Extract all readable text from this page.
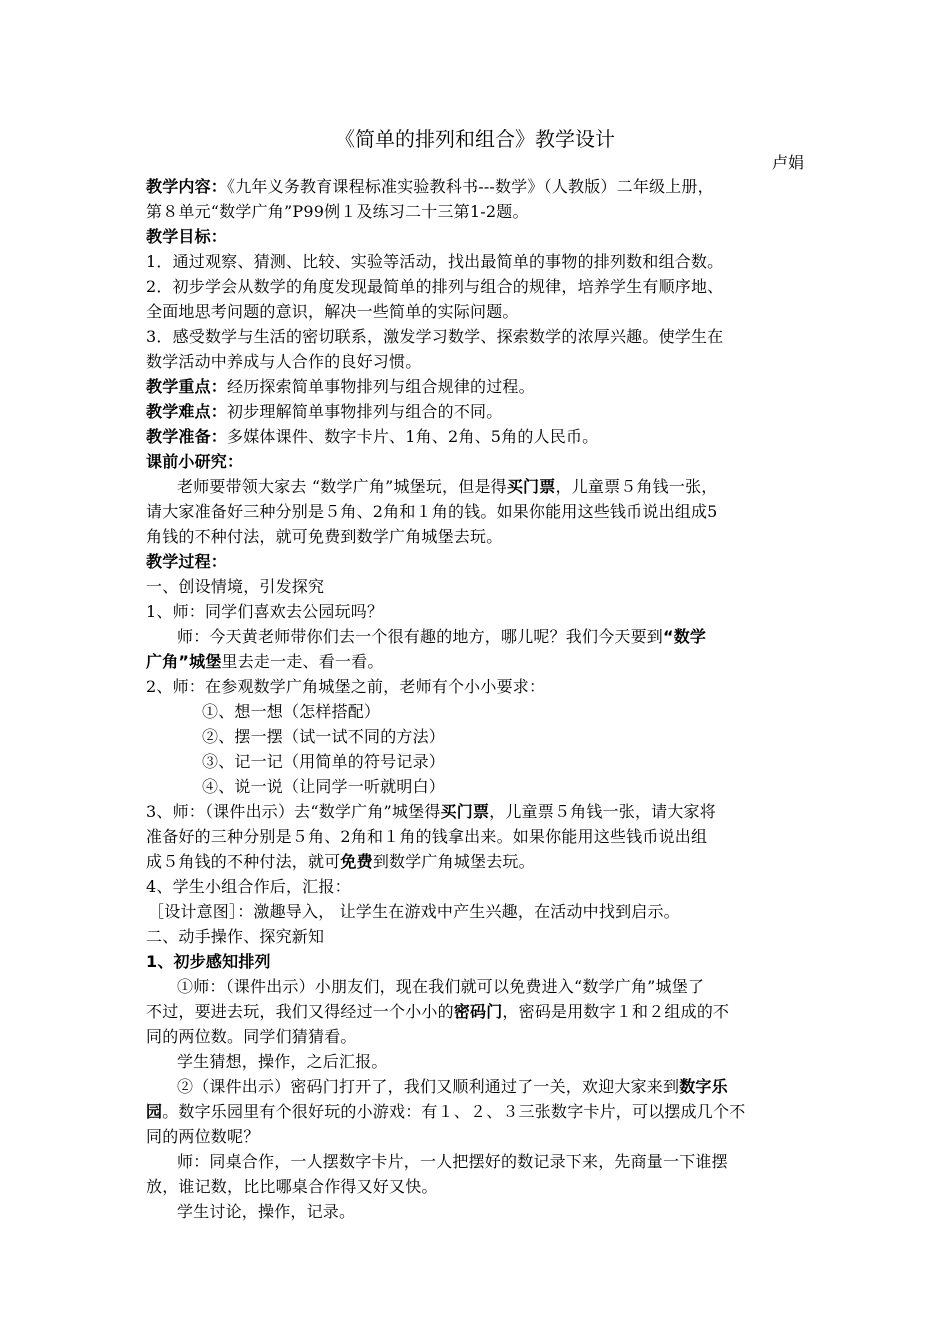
《简单的排列和组合》教学设计
卢娟
教学内容：《九年义务教育课程标准实验教科书---数学》（人教版）二年级上册，
第８单元“数学广角”P99例１及练习二十三第1-2题。
教学目标：
1．通过观察、猜测、比较、实验等活动，找出最简单的事物的排列数和组合数。
2．初步学会从数学的角度发现最简单的排列与组合的规律，培养学生有顺序地、
全面地思考问题的意识，解决一些简单的实际问题。
3．感受数学与生活的密切联系，激发学习数学、探索数学的浓厚兴趣。使学生在
数学活动中养成与人合作的良好习惯。
教学重点：经历探索简单事物排列与组合规律的过程。
教学难点：初步理解简单事物排列与组合的不同。
教学准备：多媒体课件、数字卡片、1角、2角、5角的人民币。
课前小研究：
老师要带领大家去 “数学广角”城堡玩，但是得买门票，儿童票５角钱一张，
请大家准备好三种分别是５角、2角和１角的钱。如果你能用这些钱币说出组成5
角钱的不种付法，就可免费到数学广角城堡去玩。
教学过程：
一、创设情境，引发探究
1、师：同学们喜欢去公园玩吗？
师：今天黄老师带你们去一个很有趣的地方，哪儿呢？我们今天要到“数学
广角”城堡里去走一走、看一看。
2、师：在参观数学广角城堡之前，老师有个小小要求：
①、想一想（怎样搭配）
②、摆一摆（试一试不同的方法）
③、记一记（用简单的符号记录）
④、说一说（让同学一听就明白）
3、师：（课件出示）去“数学广角”城堡得买门票，儿童票５角钱一张，请大家将
准备好的三种分别是５角、2角和１角的钱拿出来。如果你能用这些钱币说出组
成５角钱的不种付法，就可免费到数学广角城堡去玩。
4、学生小组合作后，汇报：
［设计意图］：激趣导入， 让学生在游戏中产生兴趣，在活动中找到启示。
二、动手操作、探究新知
1、初步感知排列
①师：（课件出示）小朋友们，现在我们就可以免费进入“数学广角”城堡了
不过，要进去玩，我们又得经过一个小小的密码门，密码是用数字１和２组成的不
同的两位数。同学们猜猜看。
学生猜想，操作，之后汇报。
②（课件出示）密码门打开了，我们又顺利通过了一关，欢迎大家来到数字乐
园。数字乐园里有个很好玩的小游戏：有１、２、３三张数字卡片，可以摆成几个不
同的两位数呢？
师：同桌合作，一人摆数字卡片，一人把摆好的数记录下来，先商量一下谁摆
放，谁记数，比比哪桌合作得又好又快。
学生讨论，操作，记录。
